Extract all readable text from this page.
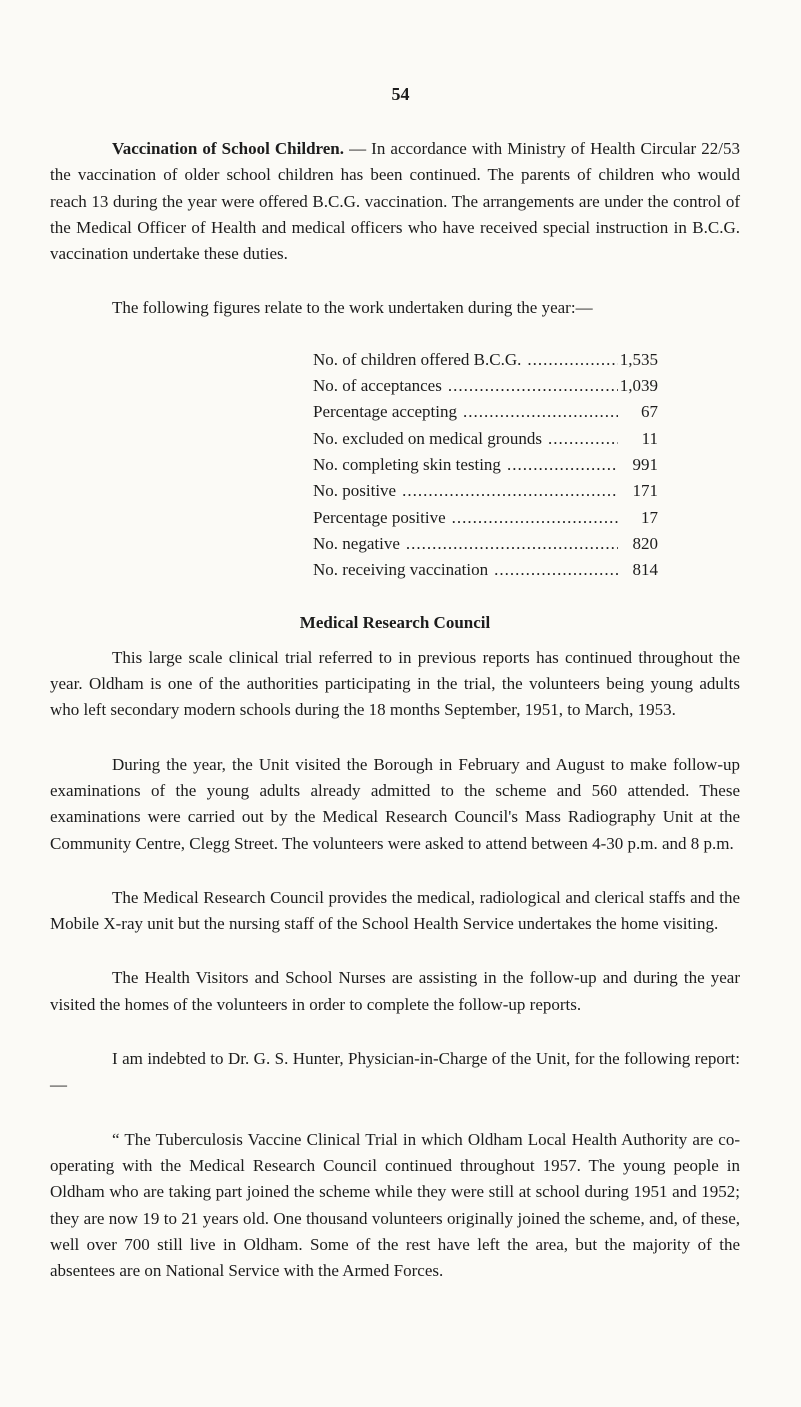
54

Vaccination of School Children. — In accordance with Ministry of Health Circular 22/53 the vaccination of older school children has been continued. The parents of children who would reach 13 during the year were offered B.C.G. vaccination. The arrangements are under the control of the Medical Officer of Health and medical officers who have received special instruction in B.C.G. vaccination undertake these duties.

The following figures relate to the work undertaken during the year:—

No. of children offered B.C.G. .....	1,535
No. of acceptances .....	1,039
Percentage accepting .....	67
No. excluded on medical grounds .....	11
No. completing skin testing .....	991
No. positive .....	171
Percentage positive .....	17
No. negative .....	820
No. receiving vaccination .....	814
Medical Research Council

This large scale clinical trial referred to in previous reports has continued throughout the year. Oldham is one of the authorities participating in the trial, the volunteers being young adults who left secondary modern schools during the 18 months September, 1951, to March, 1953.

During the year, the Unit visited the Borough in February and August to make follow-up examinations of the young adults already admitted to the scheme and 560 attended. These examinations were carried out by the Medical Research Council's Mass Radiography Unit at the Community Centre, Clegg Street. The volunteers were asked to attend between 4-30 p.m. and 8 p.m.

The Medical Research Council provides the medical, radiological and clerical staffs and the Mobile X-ray unit but the nursing staff of the School Health Service undertakes the home visiting.

The Health Visitors and School Nurses are assisting in the follow-up and during the year visited the homes of the volunteers in order to complete the follow-up reports.

I am indebted to Dr. G. S. Hunter, Physician-in-Charge of the Unit, for the following report:—

“ The Tuberculosis Vaccine Clinical Trial in which Oldham Local Health Authority are co-operating with the Medical Research Council continued throughout 1957. The young people in Oldham who are taking part joined the scheme while they were still at school during 1951 and 1952; they are now 19 to 21 years old. One thousand volunteers originally joined the scheme, and, of these, well over 700 still live in Oldham. Some of the rest have left the area, but the majority of the absentees are on National Service with the Armed Forces.
